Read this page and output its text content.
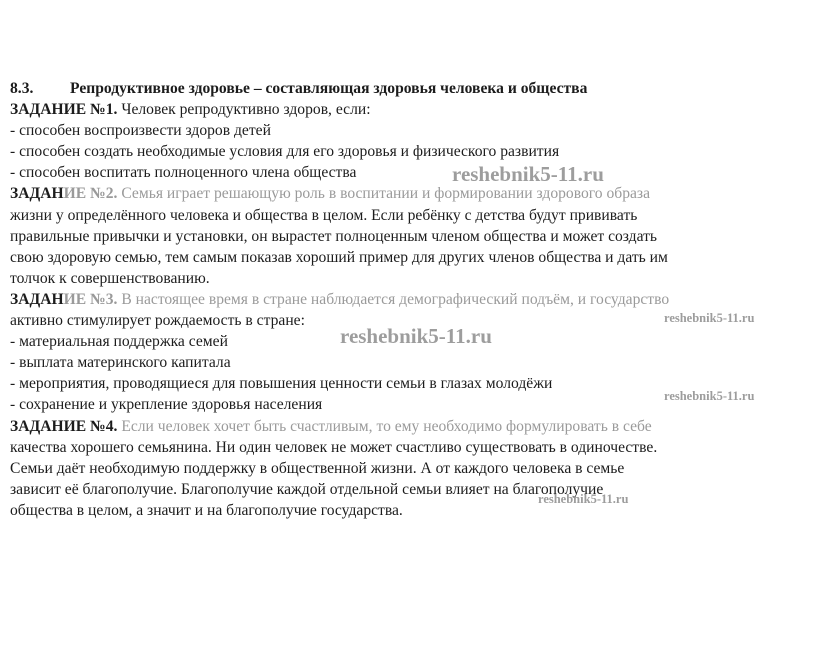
8.3. Репродуктивное здоровье – составляющая здоровья человека и общества

ЗАДАНИЕ №1. Человек репродуктивно здоров, если:

- способен воспроизвести здоров детей

- способен создать необходимые условия для его здоровья и физического развития

- способен воспитать полноценного члена общества

ЗАДАНИЕ №2. Семья играет решающую роль в воспитании и формировании здорового образа

жизни у определённого человека и общества в целом. Если ребёнку с детства будут прививать

правильные привычки и установки, он вырастет полноценным членом общества и может создать

свою здоровую семью, тем самым показав хороший пример для других членов общества и дать им

толчок к совершенствованию.

ЗАДАНИЕ №3. В настоящее время в стране наблюдается демографический подъём, и государство

активно стимулирует рождаемость в стране:

- материальная поддержка семей

- выплата материнского капитала

- мероприятия, проводящиеся для повышения ценности семьи в глазах молодёжи

- сохранение и укрепление здоровья населения

ЗАДАНИЕ №4. Если человек хочет быть счастливым, то ему необходимо формулировать в себе

качества хорошего семьянина. Ни один человек не может счастливо существовать в одиночестве.

Семьи даёт необходимую поддержку в общественной жизни. А от каждого человека в семье

зависит её благополучие. Благополучие каждой отдельной семьи влияет на благополучие

общества в целом, а значит и на благополучие государства.

reshebnik5-11.ru
reshebnik5-11.ru
reshebnik5-11.ru
reshebnik5-11.ru
reshebnik5-11.ru
